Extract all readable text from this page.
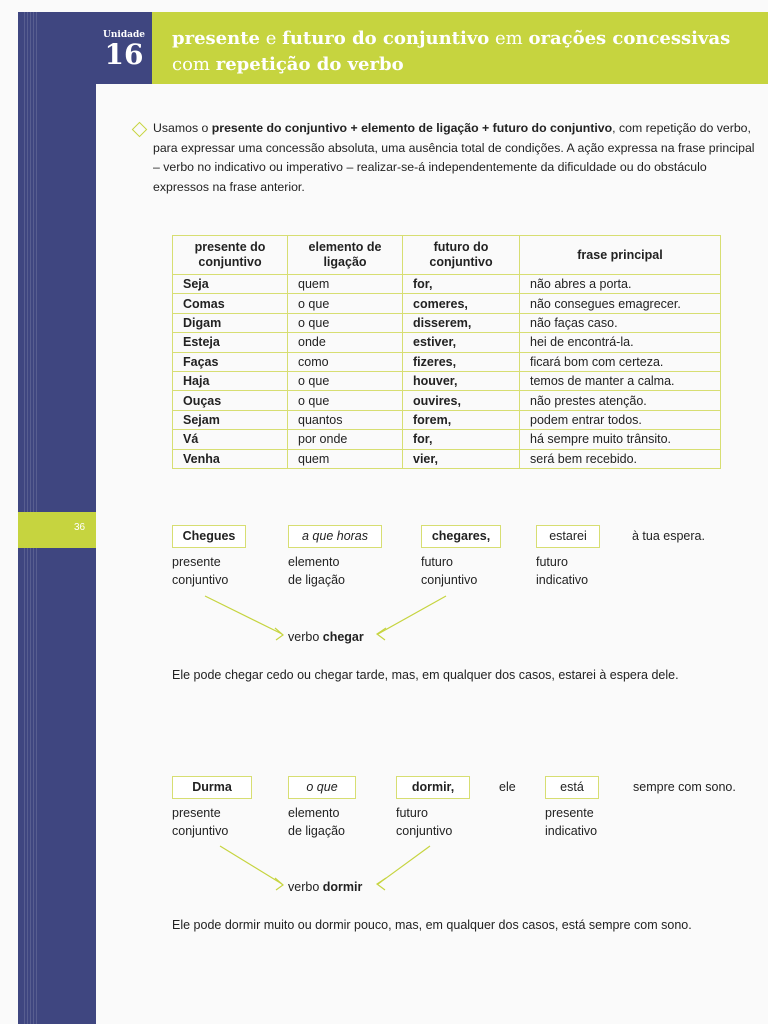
36
Unidade
16	presente e futuro do conjuntivo em orações concessivas
com repetição do verbo
Usamos o presente do conjuntivo + elemento de ligação + futuro do conjuntivo, com repetição do verbo, para expressar uma concessão absoluta, uma ausência total de condições. A ação expressa na frase principal – verbo no indicativo ou imperativo – realizar-se-á independentemente da dificuldade ou do obstáculo expressos na frase anterior.
presente do conjuntivo	elemento de ligação	futuro do conjuntivo	frase principal
Seja	quem	for,	não abres a porta.
Comas	o que	comeres,	não consegues emagrecer.
Digam	o que	disserem,	não faças caso.
Esteja	onde	estiver,	hei de encontrá-la.
Faças	como	fizeres,	ficará bom com certeza.
Haja	o que	houver,	temos de manter a calma.
Ouças	o que	ouvires,	não prestes atenção.
Sejam	quantos	forem,	podem entrar todos.
Vá	por onde	for,	há sempre muito trânsito.
Venha	quem	vier,	será bem recebido.
Chegues	a que horas	chegares,	estarei	à tua espera.
presente
conjuntivo
elemento
de ligação
futuro
conjuntivo
futuro
indicativo
verbo chegar
Ele pode chegar cedo ou chegar tarde, mas, em qualquer dos casos, estarei à espera dele.
Durma	o que	dormir,	ele	está	sempre com sono.
presente
conjuntivo
elemento
de ligação
futuro
conjuntivo
presente
indicativo
verbo dormir
Ele pode dormir muito ou dormir pouco, mas, em qualquer dos casos, está sempre com sono.
